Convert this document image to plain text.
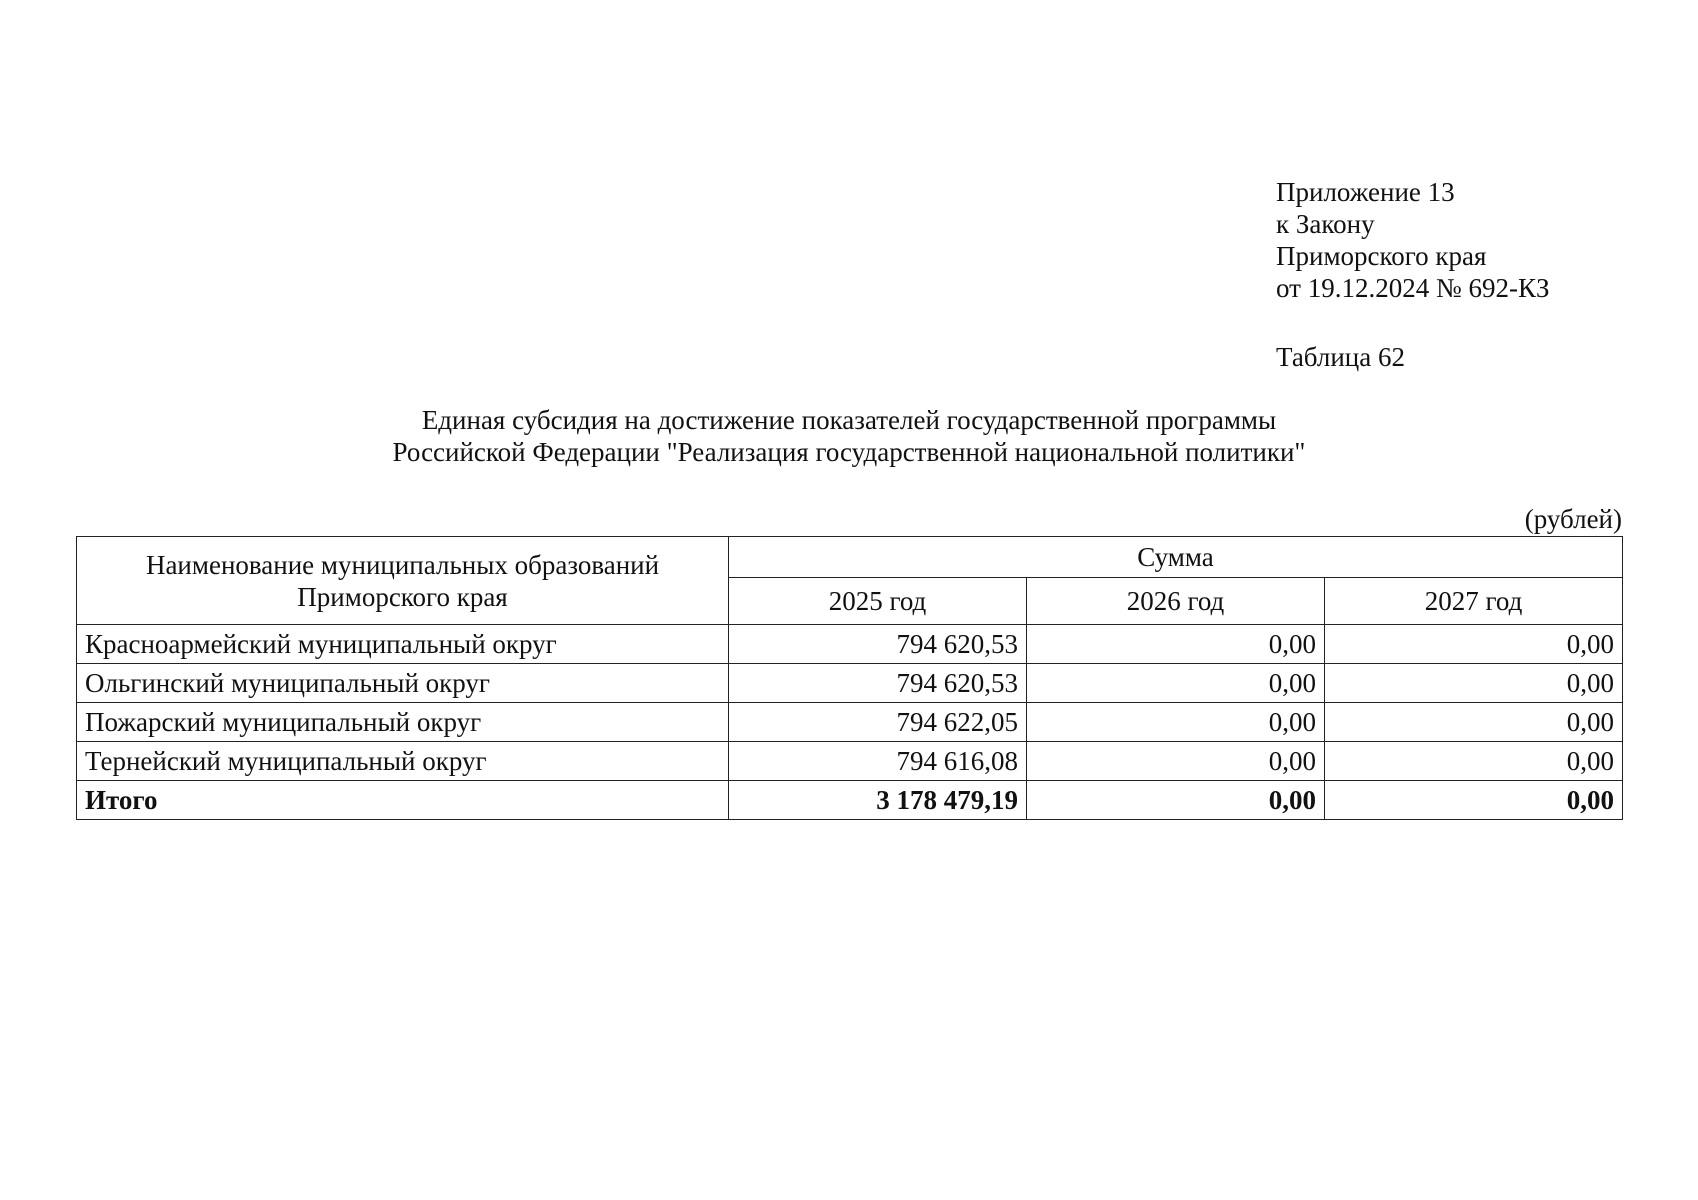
Приложение 13
к Закону
Приморского края
от 19.12.2024 № 692-КЗ
Таблица 62
Единая субсидия на достижение показателей государственной программы
Российской Федерации "Реализация государственной национальной политики"
(рублей)
Наименование муниципальных образований
Приморского края	Сумма		
	2025 год	2026 год	2027 год
Красноармейский муниципальный округ	794 620,53	0,00	0,00
Ольгинский муниципальный округ	794 620,53	0,00	0,00
Пожарский муниципальный округ	794 622,05	0,00	0,00
Тернейский муниципальный округ	794 616,08	0,00	0,00
Итого	3 178 479,19	0,00	0,00
